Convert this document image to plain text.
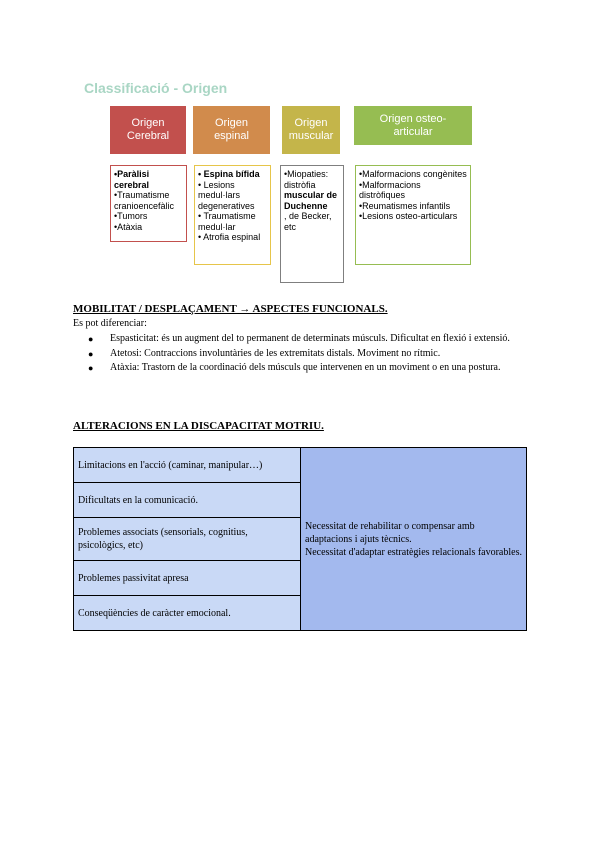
Classificació - Origen
Origen
Cerebral
•Paràlisi cerebral
•Traumatisme cranioencefàlic
•Tumors
•Atàxia
Origen
espinal
• Espina bífida
• Lesions medul·lars degeneratives
• Traumatisme medul·lar
• Atrofia espinal
Origen
muscular
•Miopaties: distròfia
muscular de Duchenne
, de Becker, etc
Origen osteo-
articular
•Malformacions congènites
•Malformacions distròfiques
•Reumatismes infantils
•Lesions osteo-articulars
MOBILITAT / DESPLAÇAMENT → ASPECTES FUNCIONALS.
Es pot diferenciar:
● Espasticitat: és un augment del to permanent de determinats músculs. Dificultat en flexió i extensió.
● Atetosi: Contraccions involuntàries de les extremitats distals. Moviment no rítmic.
● Atàxia: Trastorn de la coordinació dels músculs que intervenen en un moviment o en una postura.
ALTERACIONS EN LA DISCAPACITAT MOTRIU.
Limitacions en l'acció (caminar, manipular…)	
Necessitat de rehabilitar o compensar amb adaptacions i ajuts tècnics.
Necessitat d'adaptar estratègies relacionals favorables.

Dificultats en la comunicació.
Problemes associats (sensorials, cognitius, psicològics, etc)
Problemes passivitat apresa
Conseqüències de caràcter emocional.
